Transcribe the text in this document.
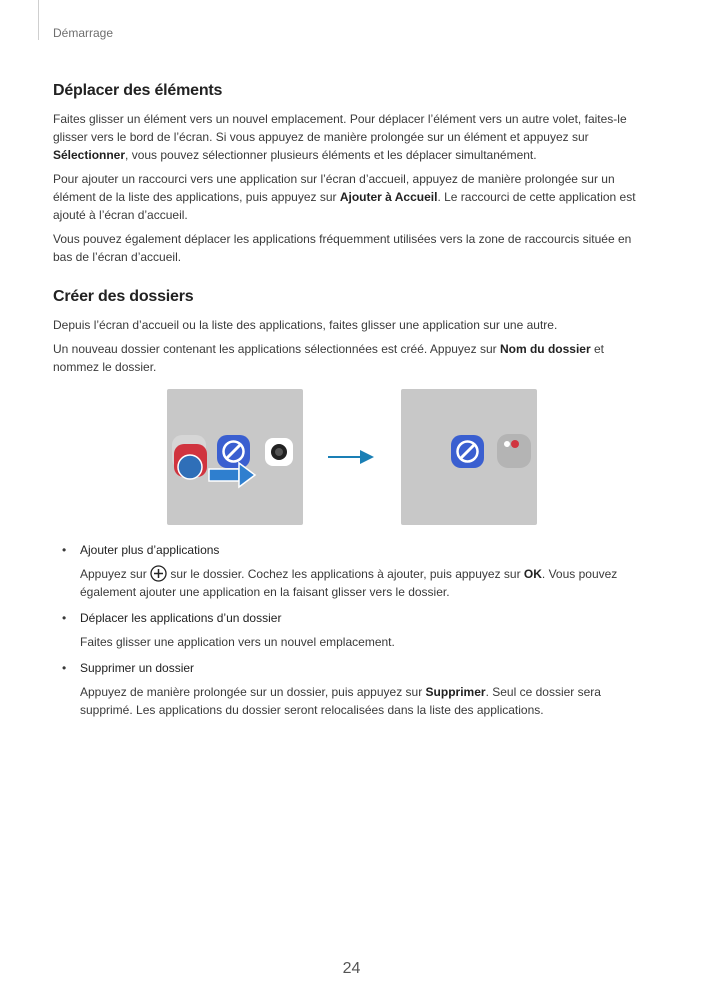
Démarrage
Déplacer des éléments

Faites glisser un élément vers un nouvel emplacement. Pour déplacer l’élément vers un autre volet, faites-le glisser vers le bord de l’écran. Si vous appuyez de manière prolongée sur un élément et appuyez sur Sélectionner, vous pouvez sélectionner plusieurs éléments et les déplacer simultanément.

Pour ajouter un raccourci vers une application sur l’écran d’accueil, appuyez de manière prolongée sur un élément de la liste des applications, puis appuyez sur Ajouter à Accueil. Le raccourci de cette application est ajouté à l’écran d’accueil.

Vous pouvez également déplacer les applications fréquemment utilisées vers la zone de raccourcis située en bas de l’écran d’accueil.

Créer des dossiers

Depuis l’écran d’accueil ou la liste des applications, faites glisser une application sur une autre.

Un nouveau dossier contenant les applications sélectionnées est créé. Appuyez sur Nom du dossier et nommez le dossier.

• Ajouter plus d’applications
Appuyez sur  sur le dossier. Cochez les applications à ajouter, puis appuyez sur OK. Vous pouvez également ajouter une application en la faisant glisser vers le dossier.
• Déplacer les applications d’un dossier
Faites glisser une application vers un nouvel emplacement.
• Supprimer un dossier
Appuyez de manière prolongée sur un dossier, puis appuyez sur Supprimer. Seul ce dossier sera supprimé. Les applications du dossier seront relocalisées dans la liste des applications.
24
